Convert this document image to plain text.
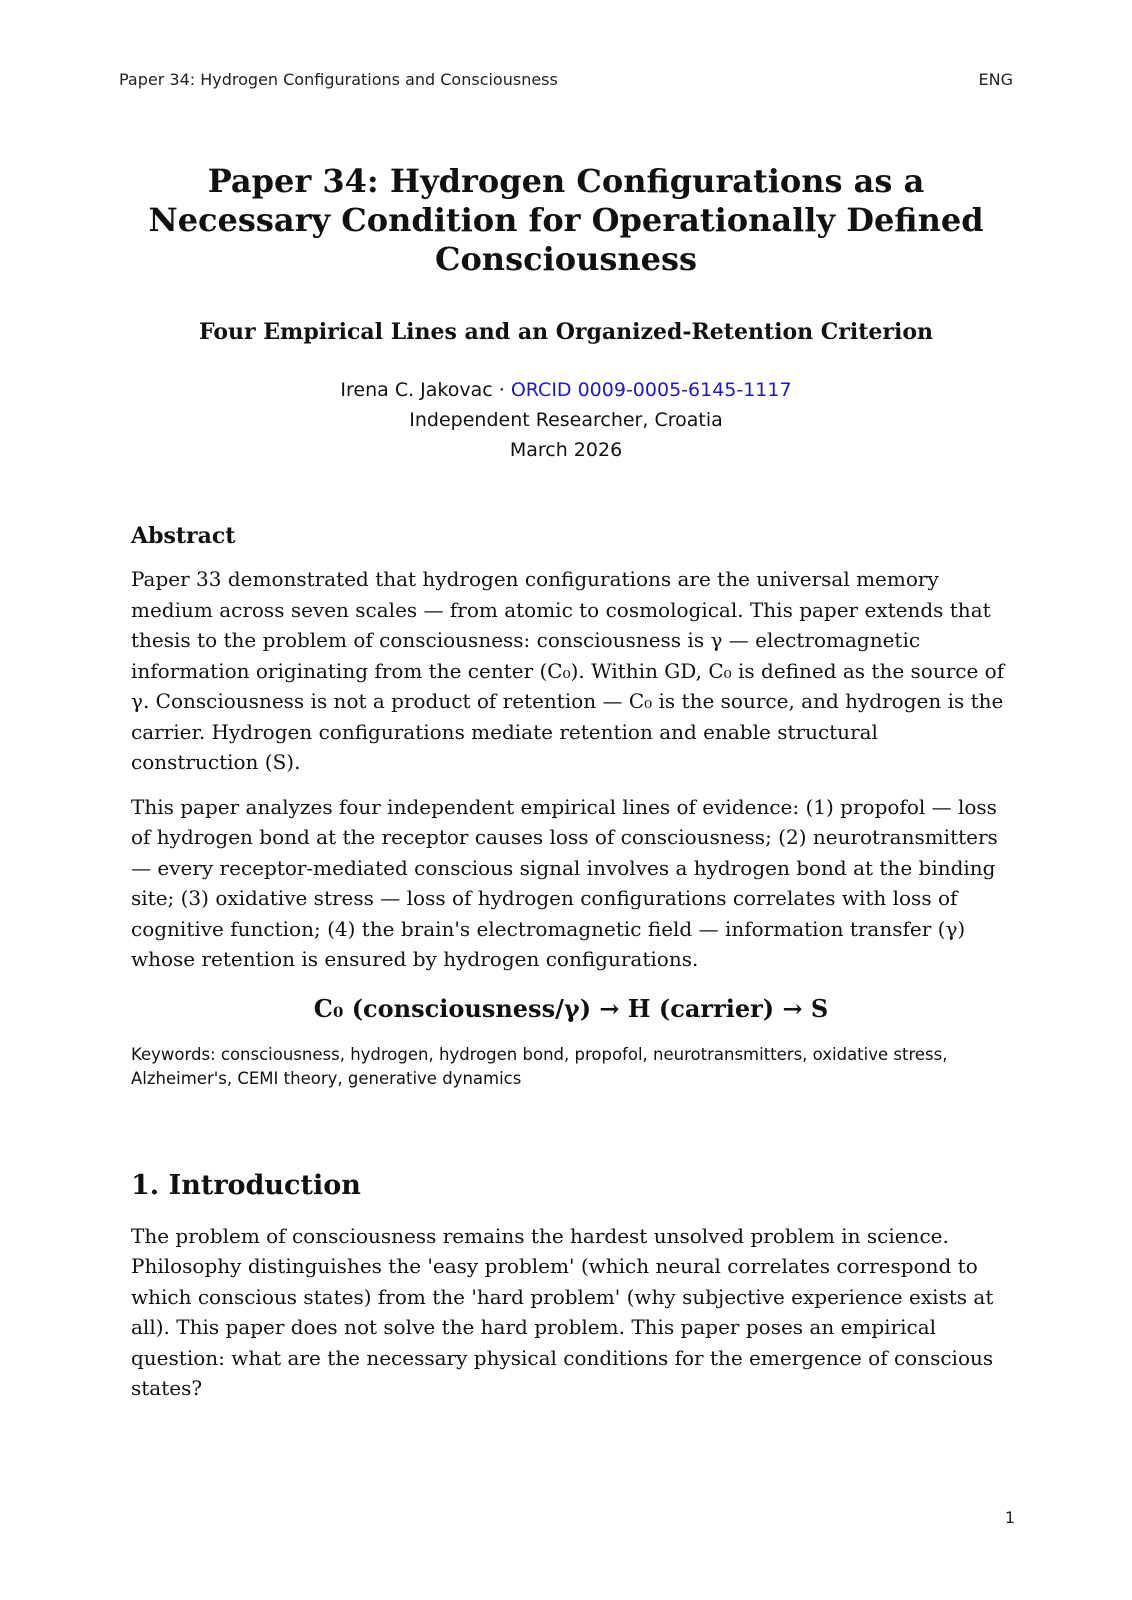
Paper 34: Hydrogen Configurations and Consciousness	ENG
Paper 34: Hydrogen Configurations as a Necessary Condition for Operationally Defined Consciousness
Four Empirical Lines and an Organized-Retention Criterion
Irena C. Jakovac · ORCID 0009-0005-6145-1117
Independent Researcher, Croatia
March 2026
Abstract

Paper 33 demonstrated that hydrogen configurations are the universal memory medium across seven scales — from atomic to cosmological. This paper extends that thesis to the problem of consciousness: consciousness is γ — electromagnetic information originating from the center (C₀). Within GD, C₀ is defined as the source of γ. Consciousness is not a product of retention — C₀ is the source, and hydrogen is the carrier. Hydrogen configurations mediate retention and enable structural construction (S).

This paper analyzes four independent empirical lines of evidence: (1) propofol — loss of hydrogen bond at the receptor causes loss of consciousness; (2) neurotransmitters — every receptor-mediated conscious signal involves a hydrogen bond at the binding site; (3) oxidative stress — loss of hydrogen configurations correlates with loss of cognitive function; (4) the brain's electromagnetic field — information transfer (γ) whose retention is ensured by hydrogen configurations.

C₀ (consciousness/γ) → H (carrier) → S

Keywords: consciousness, hydrogen, hydrogen bond, propofol, neurotransmitters, oxidative stress, Alzheimer's, CEMI theory, generative dynamics

1. Introduction

The problem of consciousness remains the hardest unsolved problem in science. Philosophy distinguishes the 'easy problem' (which neural correlates correspond to which conscious states) from the 'hard problem' (why subjective experience exists at all). This paper does not solve the hard problem. This paper poses an empirical question: what are the necessary physical conditions for the emergence of conscious states?

1
